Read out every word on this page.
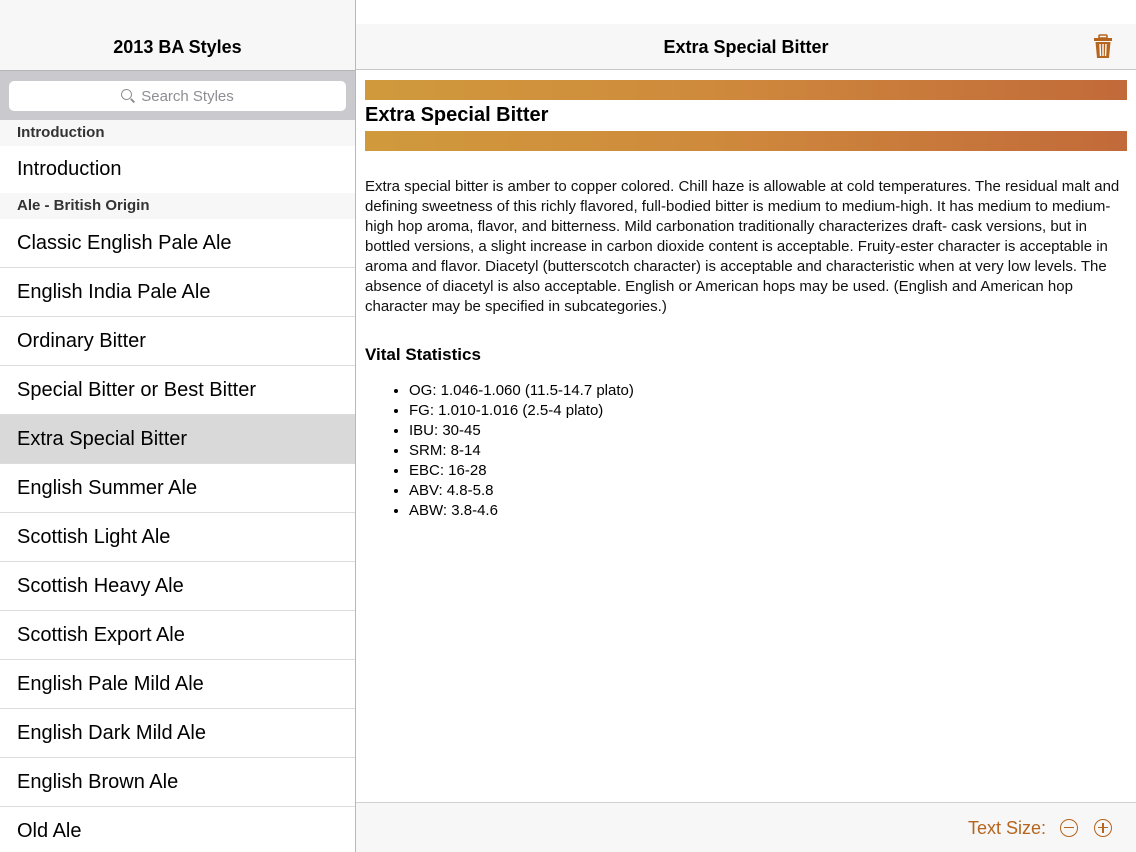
2013 BA Styles
Search Styles
Introduction
Introduction
Ale - British Origin
Classic English Pale Ale
English India Pale Ale
Ordinary Bitter
Special Bitter or Best Bitter
Extra Special Bitter
English Summer Ale
Scottish Light Ale
Scottish Heavy Ale
Scottish Export Ale
English Pale Mild Ale
English Dark Mild Ale
English Brown Ale
Old Ale
Extra Special Bitter
Extra Special Bitter

Extra special bitter is amber to copper colored. Chill haze is allowable at cold temperatures. The residual malt and defining sweetness of this richly flavored, full-bodied bitter is medium to medium-high. It has medium to medium-high hop aroma, flavor, and bitterness. Mild carbonation traditionally characterizes draft- cask versions, but in bottled versions, a slight increase in carbon dioxide content is acceptable. Fruity-ester character is acceptable in aroma and flavor. Diacetyl (butterscotch character) is acceptable and characteristic when at very low levels. The absence of diacetyl is also acceptable. English or American hops may be used. (English and American hop character may be specified in subcategories.)

Vital Statistics
• OG: 1.046-1.060 (11.5-14.7 plato)
• FG: 1.010-1.016 (2.5-4 plato)
• IBU: 30-45
• SRM: 8-14
• EBC: 16-28
• ABV: 4.8-5.8
• ABW: 3.8-4.6
Text Size:
